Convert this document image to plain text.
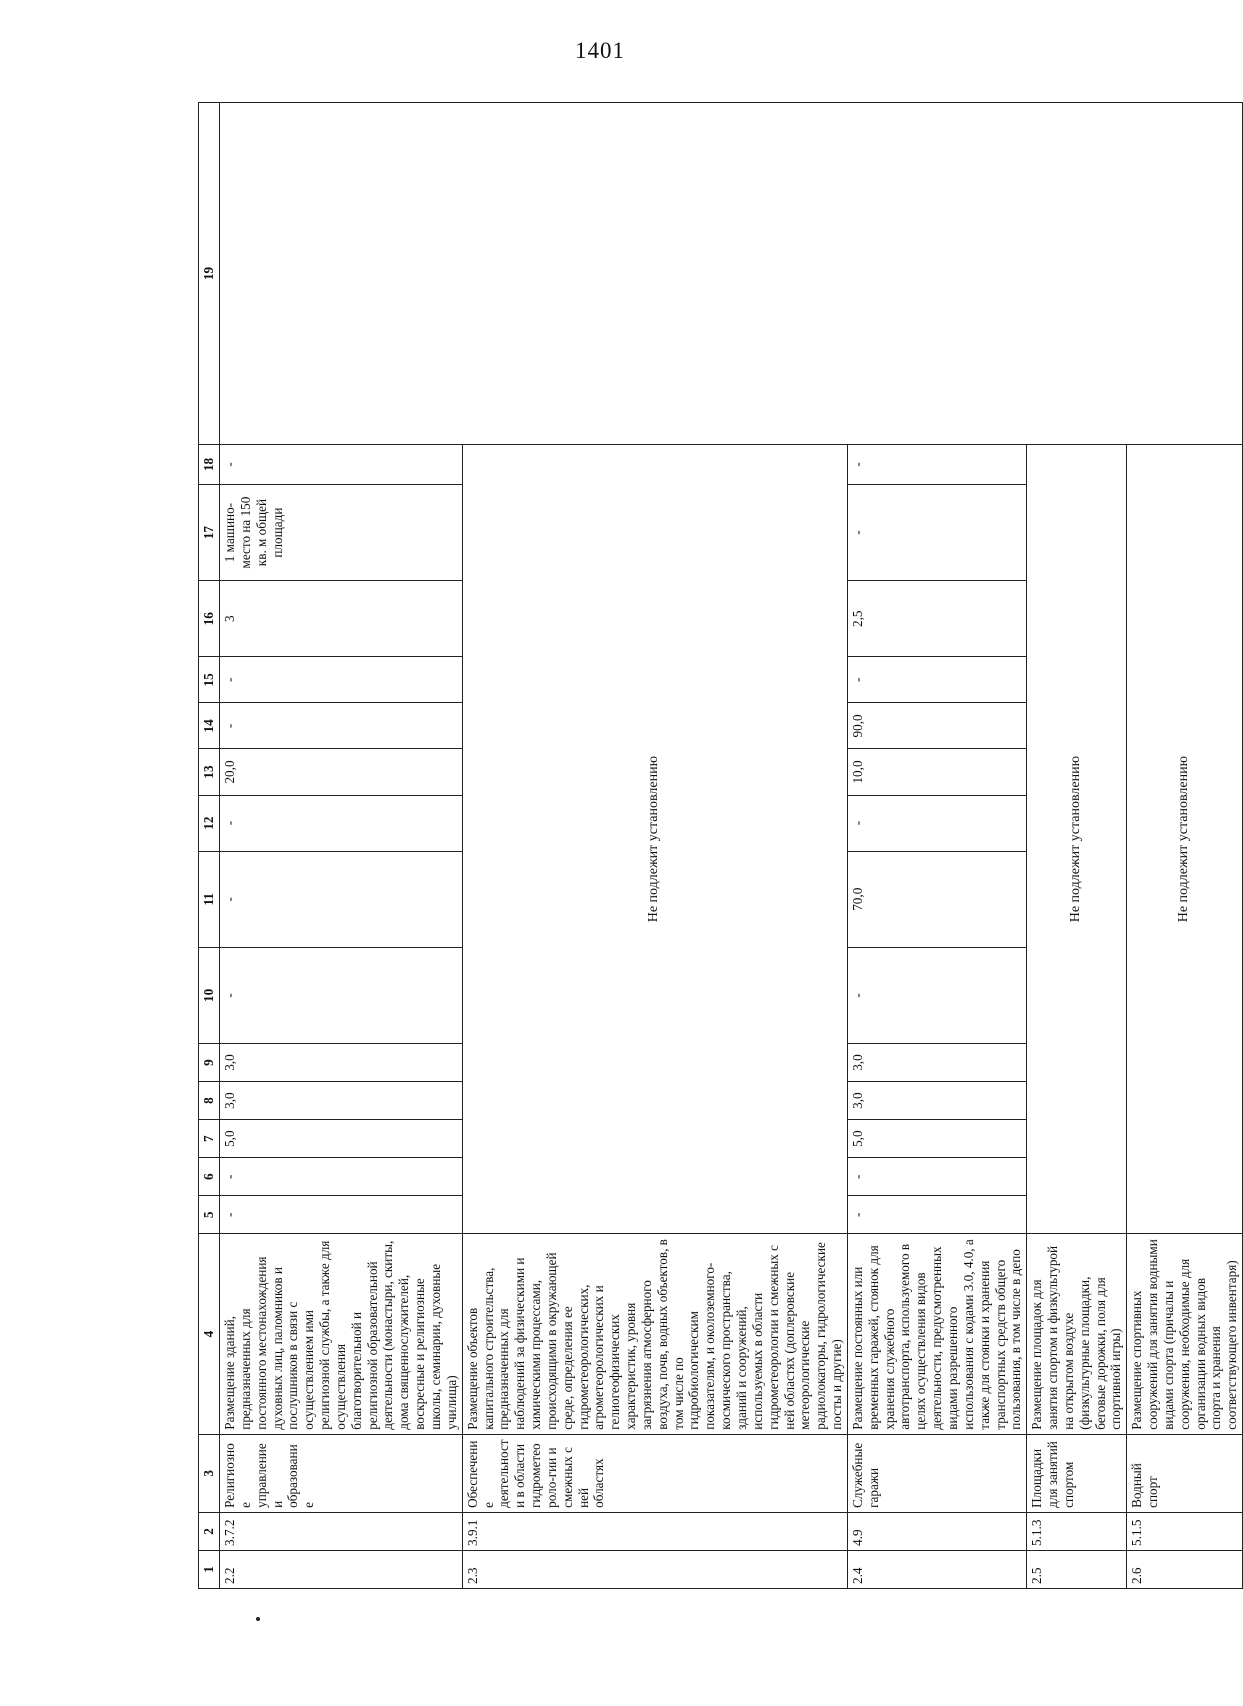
1401
1	2	3	4	5	6	7	8	9	10	11	12	13	14	15	16	17	18	19
2.2	3.7.2	Религиозное управление и образование	Размещение зданий, предназначенных для постоянного местонахождения духовных лиц, паломников и послушников в связи с осуществлением ими религиозной службы, а также для осуществления благотворительной и религиозной образовательной деятельности (монастыри, скиты, дома священнослужителей, воскресные и религиозные школы, семинарии, духовные училища)	-	-	5,0	3,0	3,0	-	-	-	20,0	-	-	3	1 машино-место на 150 кв. м общей площади	-	
2.3	3.9.1	Обеспечение деятельности в области гидрометеороло-гии и смежных с ней областях	Размещение объектов капитального строительства, предназначенных для наблюдений за физическими и химическими процессами, происходящими в окружающей среде, определения ее гидрометеорологических, агрометеорологических и гелиогеофизических характеристик, уровня загрязнения атмосферного воздуха, почв, водных объектов, в том числе по гидробиологическим показателям, и околоземного- космического пространства, зданий и сооружений, используемых в области гидрометеорологии и смежных с ней областях (доплеровские метеорологические радиолокаторы, гидрологические посты и другие)	Не подлежит установлению														
2.4	4.9	Служебные гаражи	Размещение постоянных или временных гаражей, стоянок для хранения служебного автотранспорта, используемого в целях осуществления видов деятельности, предусмотренных видами разрешенного использования с кодами 3.0, 4.0, а также для стоянки и хранения транспортных средств общего пользования, в том числе в депо	-	-	5,0	3,0	3,0	-	70,0	-	10,0	90,0	-	2,5	-	-	
2.5	5.1.3	Площадки для занятий спортом	Размещение площадок для занятия спортом и физкультурой на открытом воздухе (физкультурные площадки, беговые дорожки, поля для спортивной игры)	Не подлежит установлению														
2.6	5.1.5	Водный спорт	Размещение спортивных сооружений для занятия водными видами спорта (причалы и сооружения, необходимые для организации водных видов спорта и хранения соответствующего инвентаря)	Не подлежит установлению														
